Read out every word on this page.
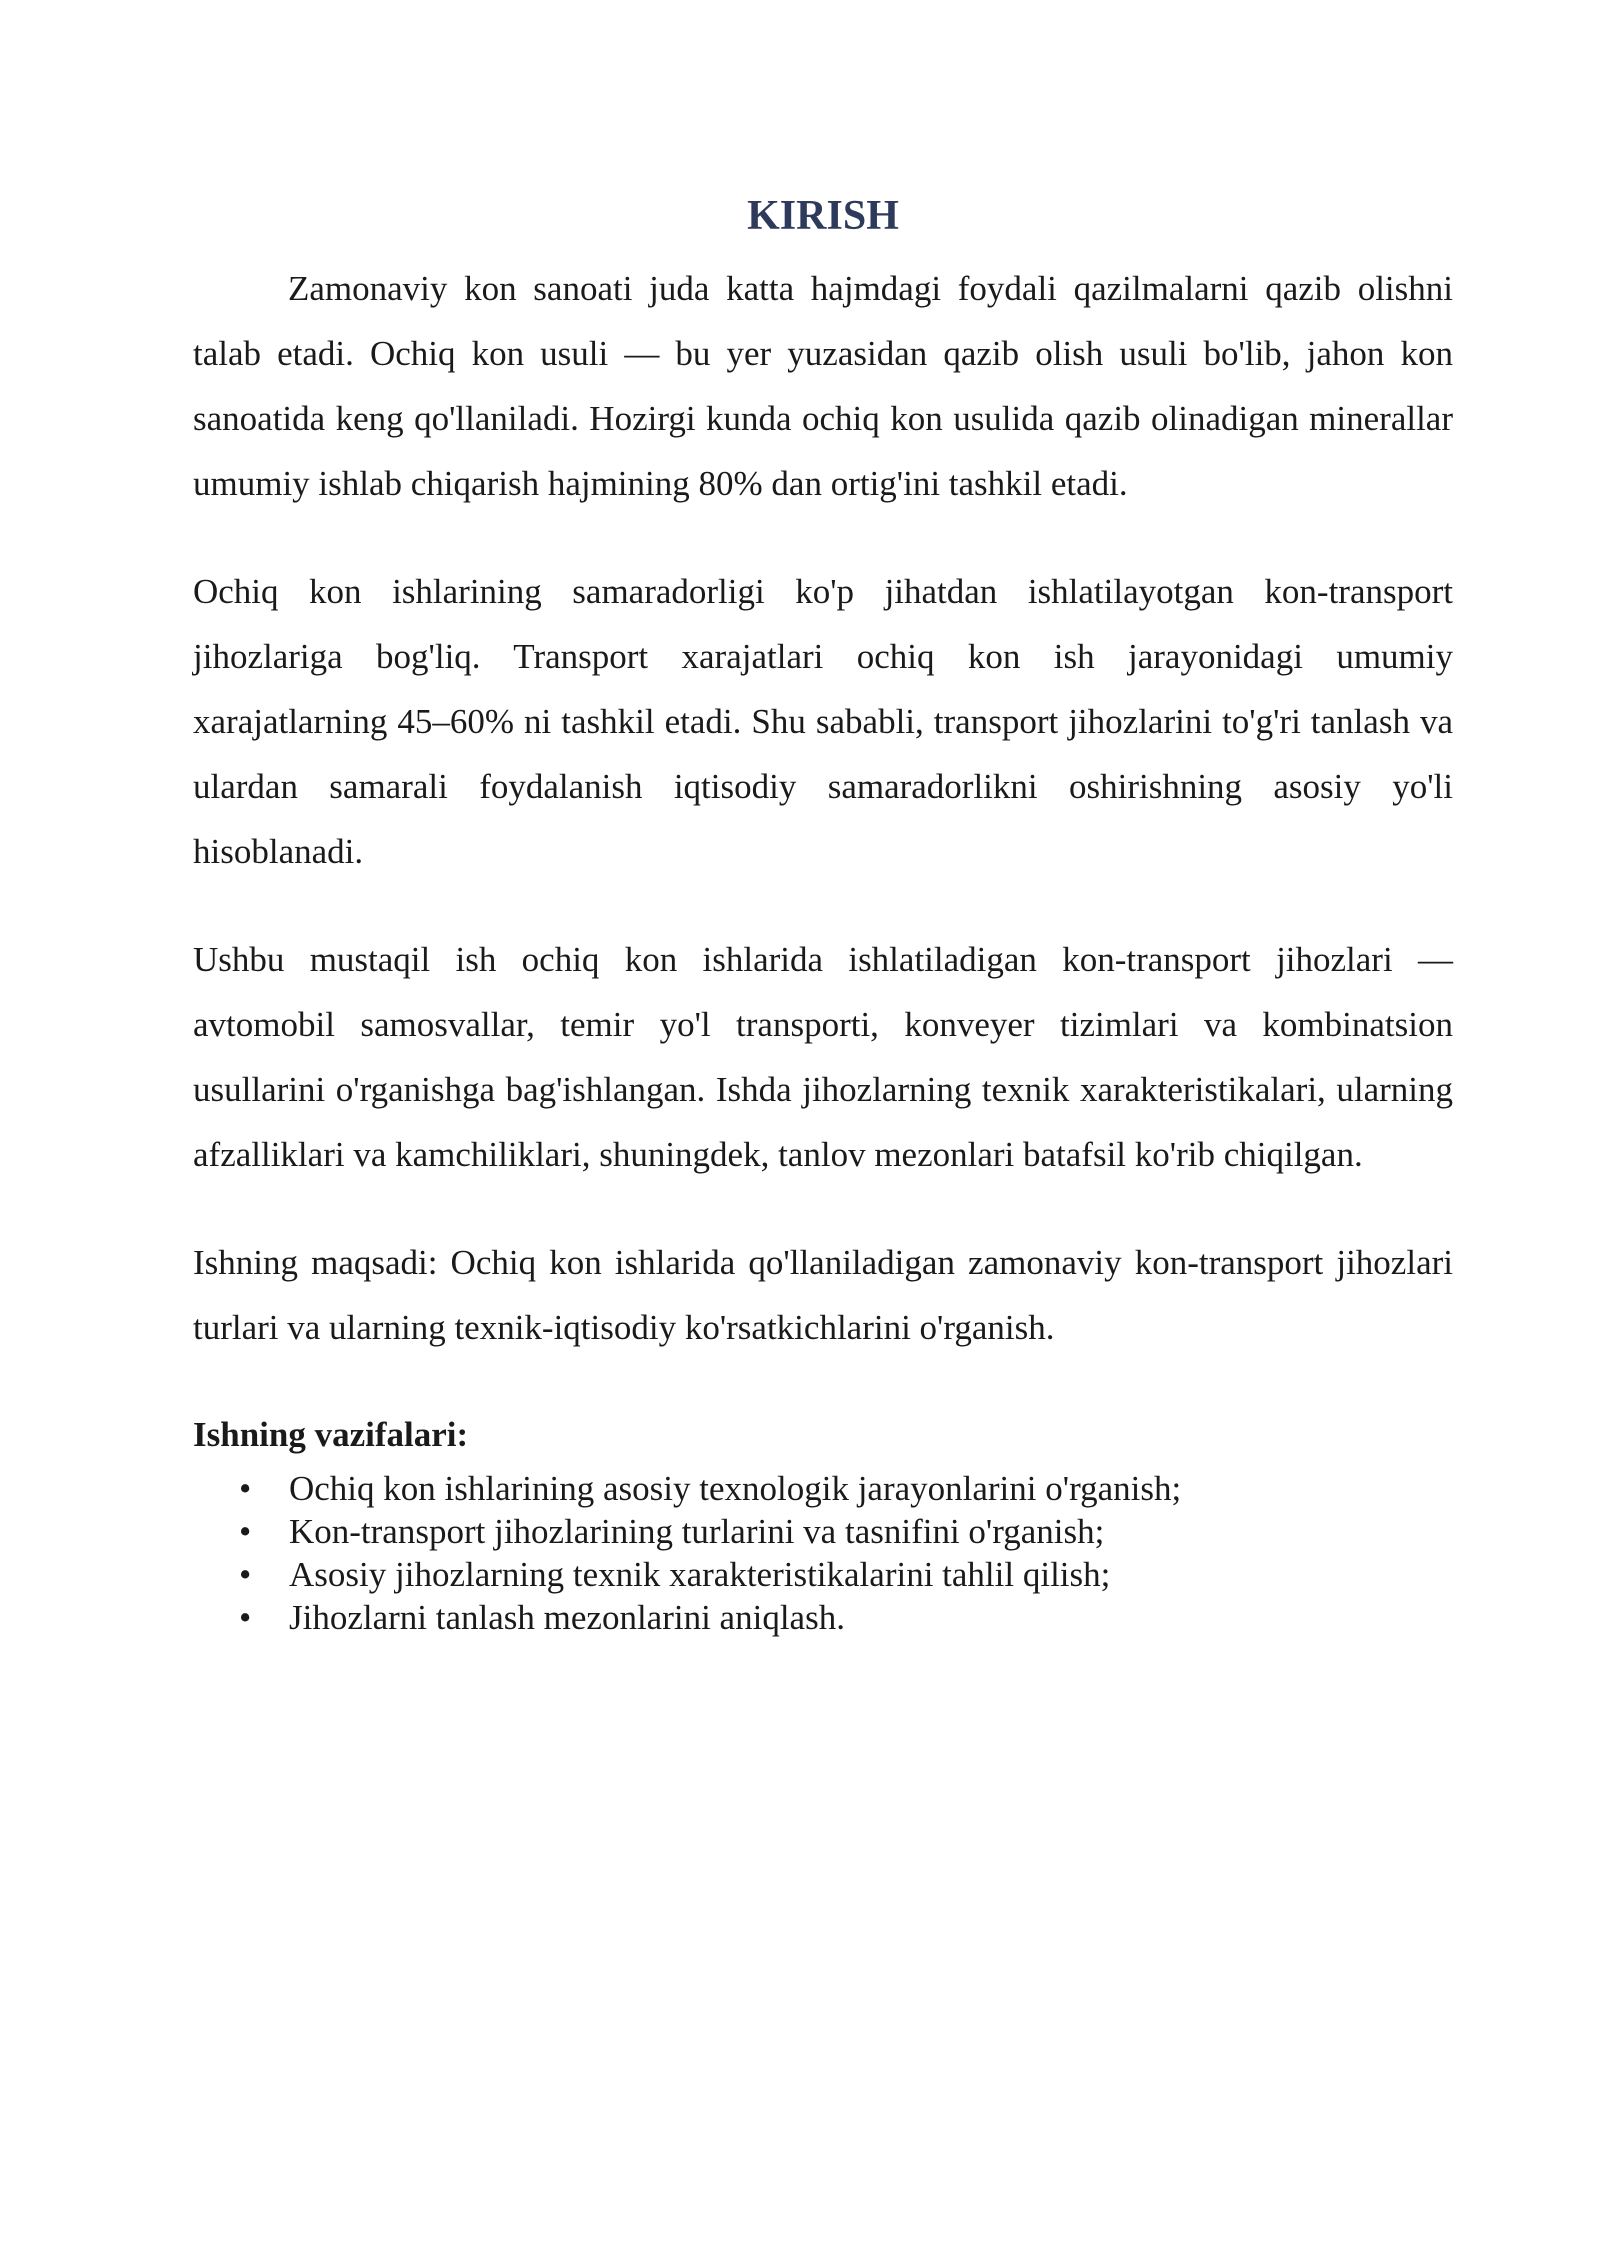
KIRISH

Zamonaviy kon sanoati juda katta hajmdagi foydali qazilmalarni qazib olishni talab etadi. Ochiq kon usuli — bu yer yuzasidan qazib olish usuli bo'lib, jahon kon sanoatida keng qo'llaniladi. Hozirgi kunda ochiq kon usulida qazib olinadigan minerallar umumiy ishlab chiqarish hajmining 80% dan ortig'ini tashkil etadi.

Ochiq kon ishlarining samaradorligi ko'p jihatdan ishlatilayotgan kon-transport jihozlariga bog'liq. Transport xarajatlari ochiq kon ish jarayonidagi umumiy xarajatlarning 45–60% ni tashkil etadi. Shu sababli, transport jihozlarini to'g'ri tanlash va ulardan samarali foydalanish iqtisodiy samaradorlikni oshirishning asosiy yo'li hisoblanadi.

Ushbu mustaqil ish ochiq kon ishlarida ishlatiladigan kon-transport jihozlari — avtomobil samosvallar, temir yo'l transporti, konveyer tizimlari va kombinatsion usullarini o'rganishga bag'ishlangan. Ishda jihozlarning texnik xarakteristikalari, ularning afzalliklari va kamchiliklari, shuningdek, tanlov mezonlari batafsil ko'rib chiqilgan.

Ishning maqsadi: Ochiq kon ishlarida qo'llaniladigan zamonaviy kon-transport jihozlari turlari va ularning texnik-iqtisodiy ko'rsatkichlarini o'rganish.

Ishning vazifalari:
• Ochiq kon ishlarining asosiy texnologik jarayonlarini o'rganish;
• Kon-transport jihozlarining turlarini va tasnifini o'rganish;
• Asosiy jihozlarning texnik xarakteristikalarini tahlil qilish;
• Jihozlarni tanlash mezonlarini aniqlash.
